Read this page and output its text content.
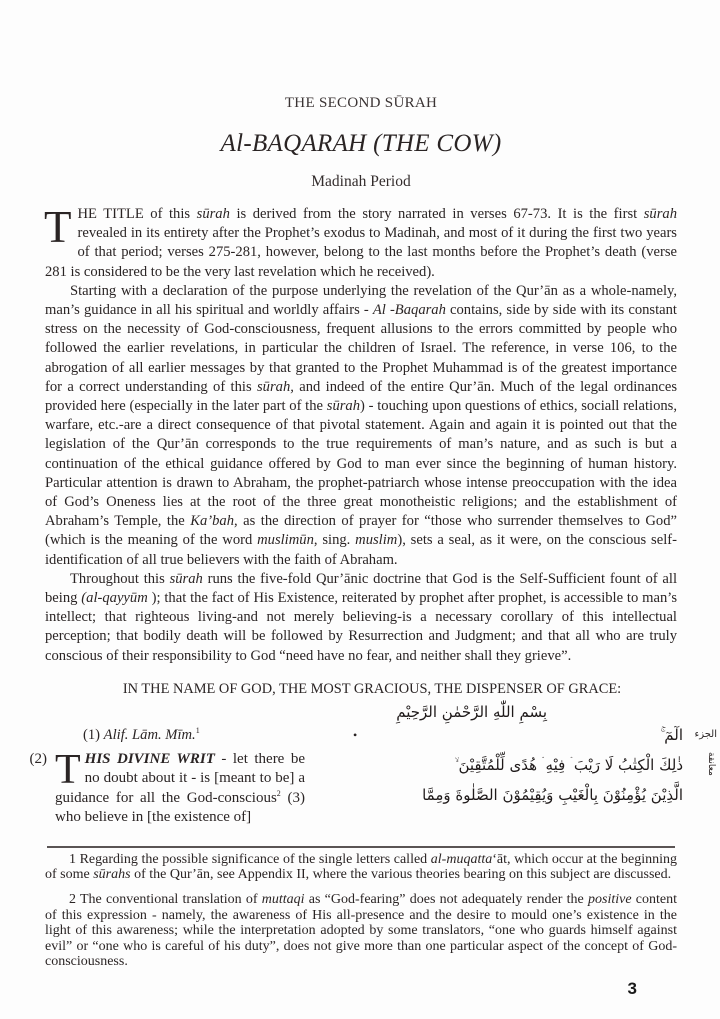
THE SECOND SŪRAH
Al-BAQARAH (THE COW)
Madinah Period

THE TITLE of this sūrah is derived from the story narrated in verses 67-73. It is the first sūrah revealed in its entirety after the Prophet’s exodus to Madinah, and most of it during the first two years of that period; verses 275-281, however, belong to the last months before the Prophet’s death (verse 281 is considered to be the very last revelation which he received).

Starting with a declaration of the purpose underlying the revelation of the Qur’ān as a whole-namely, man’s guidance in all his spiritual and worldly affairs - Al -Baqarah contains, side by side with its constant stress on the necessity of God-consciousness, frequent allusions to the errors committed by people who followed the earlier revelations, in particular the children of Israel. The reference, in verse 106, to the abrogation of all earlier messages by that granted to the Prophet Muhammad is of the greatest importance for a correct understanding of this sūrah, and indeed of the entire Qur’ān. Much of the legal ordinances provided here (especially in the later part of the sūrah) - touching upon questions of ethics, sociall relations, warfare, etc.-are a direct consequence of that pivotal statement. Again and again it is pointed out that the legislation of the Qur’ān corresponds to the true requirements of man’s nature, and as such is but a continuation of the ethical guidance offered by God to man ever since the beginning of human history. Particular attention is drawn to Abraham, the prophet-patriarch whose intense preoccupation with the idea of God’s Oneness lies at the root of the three great monotheistic religions; and the establishment of Abraham’s Temple, the Ka’bah, as the direction of prayer for “those who surrender themselves to God” (which is the meaning of the word muslimūn, sing. muslim), sets a seal, as it were, on the conscious self-identification of all true believers with the faith of Abraham.

Throughout this sūrah runs the five-fold Qur’ānic doctrine that God is the Self-Sufficient fount of all being (al-qayyūm ); that the fact of His Existence, reiterated by prophet after prophet, is accessible to man’s intellect; that righteous living-and not merely believing-is a necessary corollary of this intellectual perception; that bodily death will be followed by Resurrection and Judgment; and that all who are truly conscious of their responsibility to God “need have no fear, and neither shall they grieve”.

IN THE NAME OF GOD, THE MOST GRACIOUS, THE DISPENSER OF GRACE:
بِسْمِ اللّٰهِ الرَّحْمٰنِ الرَّحِيْمِ
(1) Alif. Lām. Mīm.$^1$	•	الٓمٓ ۚ	الجزء
(2) THIS DIVINE WRIT - let there be no doubt about it - is [meant to be] a guidance for all the God-conscious$^2$ (3) who believe in [the existence of]
ذٰلِكَ الْكِتٰبُ لَا رَيْبَ ۛ فِيْهِ ۛ هُدًى لِّلْمُتَّقِيْنَ ۙ
الَّذِيْنَ يُؤْمِنُوْنَ بِالْغَيْبِ وَيُقِيْمُوْنَ الصَّلٰوةَ وَمِمَّا
معانقة

1 Regarding the possible significance of the single letters called al-muqatta‘āt, which occur at the beginning of some sūrahs of the Qur’ān, see Appendix II, where the various theories bearing on this subject are discussed.

2 The conventional translation of muttaqi as “God-fearing” does not adequately render the positive content of this expression - namely, the awareness of His all-presence and the desire to mould one’s existence in the light of this awareness; while the interpretation adopted by some translators, “one who guards himself against evil” or “one who is careful of his duty”, does not give more than one particular aspect of the concept of God-consciousness.

3
